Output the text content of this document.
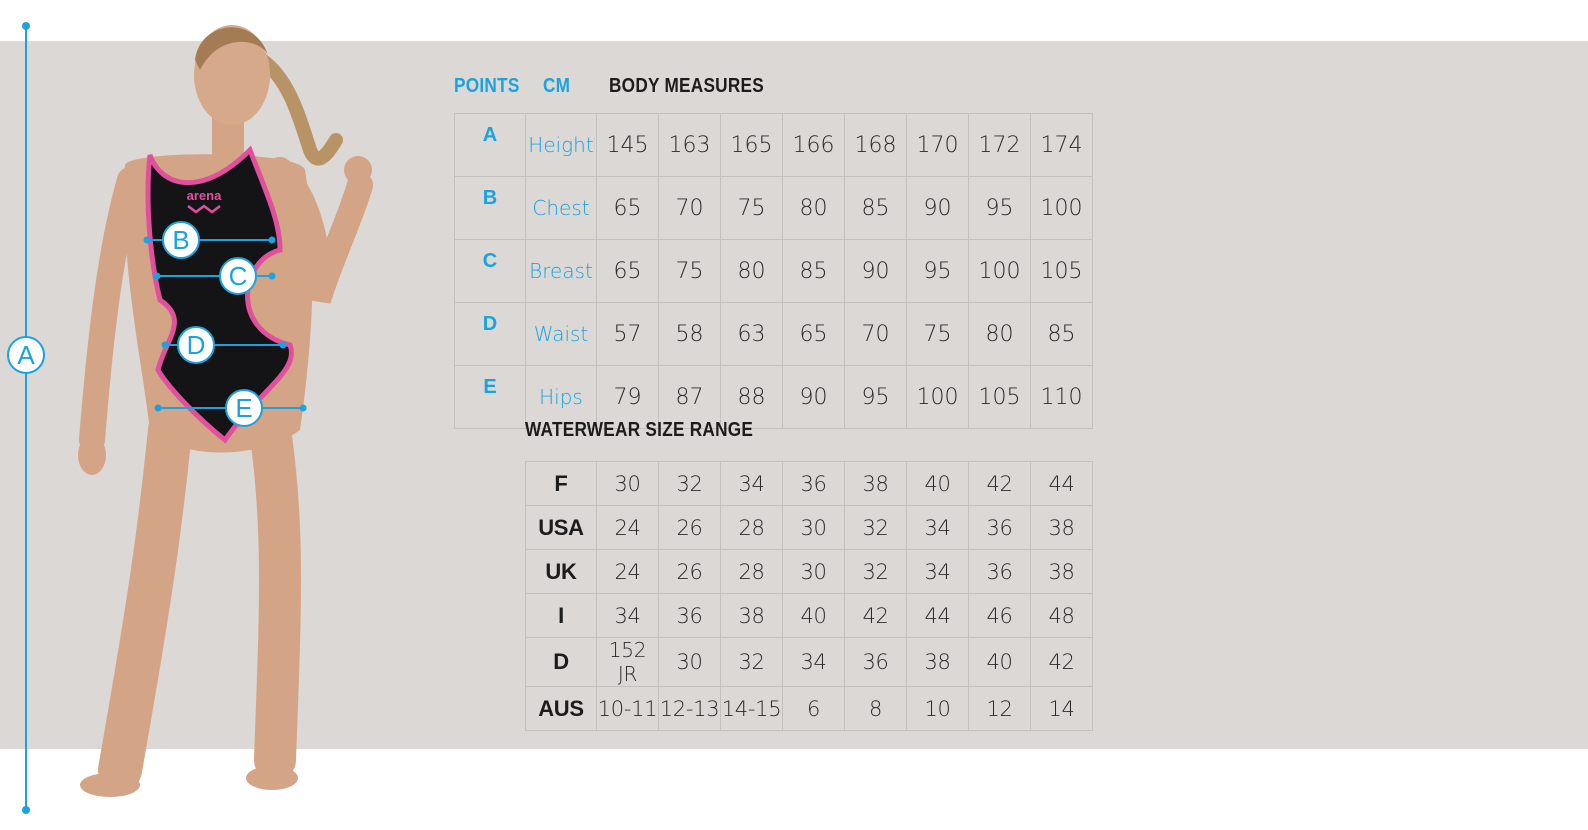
A
arena
B
C
D
E
POINTS CM BODY MEASURES
A	Height	145	163	165	166	168	170	172	174
B	Chest	65	70	75	80	85	90	95	100
C	Breast	65	75	80	85	90	95	100	105
D	Waist	57	58	63	65	70	75	80	85
E	Hips	79	87	88	90	95	100	105	110
WATERWEAR SIZE RANGE
F	30	32	34	36	38	40	42	44
USA	24	26	28	30	32	34	36	38
UK	24	26	28	30	32	34	36	38
I	34	36	38	40	42	44	46	48
D	152 JR	30	32	34	36	38	40	42
AUS	10-11	12-13	14-15	6	8	10	12	14
